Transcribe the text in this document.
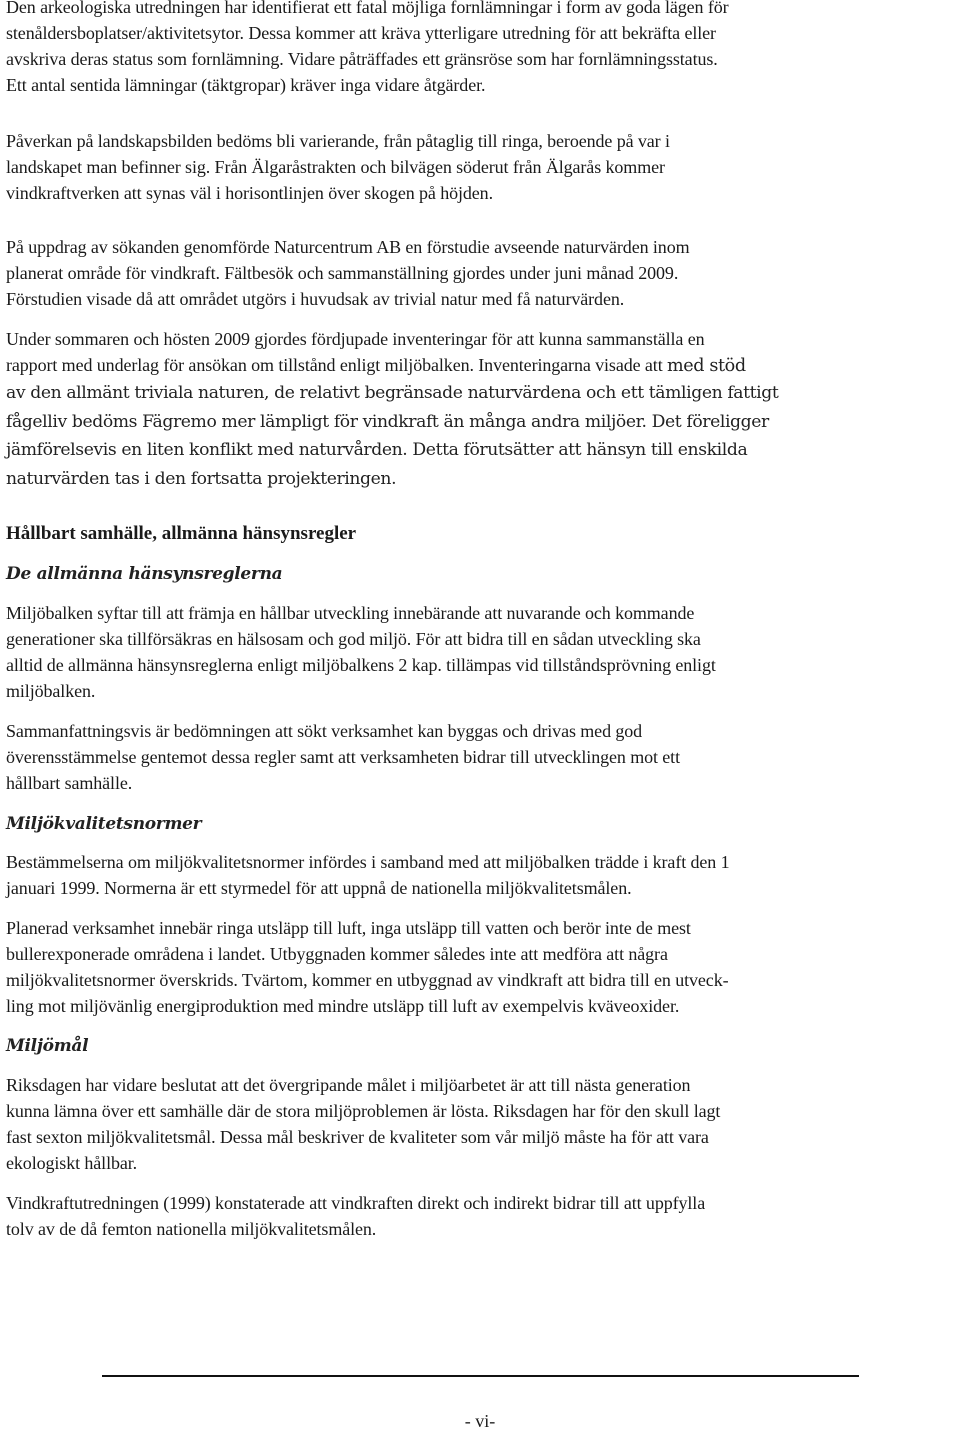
Den arkeologiska utredningen har identifierat ett fatal möjliga fornlämningar i form av goda lägen för
stenåldersboplatser/aktivitetsytor. Dessa kommer att kräva ytterligare utredning för att bekräfta eller
avskriva deras status som fornlämning. Vidare påträffades ett gränsröse som har fornlämningsstatus.
Ett antal sentida lämningar (täktgropar) kräver inga vidare åtgärder.

Påverkan på landskapsbilden bedöms bli varierande, från påtaglig till ringa, beroende på var i
landskapet man befinner sig. Från Älgaråstrakten och bilvägen söderut från Älgarås kommer
vindkraftverken att synas väl i horisontlinjen över skogen på höjden.

På uppdrag av sökanden genomförde Naturcentrum AB en förstudie avseende naturvärden inom
planerat område för vindkraft. Fältbesök och sammanställning gjordes under juni månad 2009.
Förstudien visade då att området utgörs i huvudsak av trivial natur med få naturvärden.

Under sommaren och hösten 2009 gjordes fördjupade inventeringar för att kunna sammanställa en
rapport med underlag för ansökan om tillstånd enligt miljöbalken. Inventeringarna visade att med stöd

av den allmänt triviala naturen, de relativt begränsade naturvärdena och ett tämligen fattigt
fågelliv bedöms Fägremo mer lämpligt för vindkraft än många andra miljöer. Det föreligger
jämförelsevis en liten konflikt med naturvården. Detta förutsätter att hänsyn till enskilda
naturvärden tas i den fortsatta projekteringen.

Hållbart samhälle, allmänna hänsynsregler
De allmänna hänsynsreglerna

Miljöbalken syftar till att främja en hållbar utveckling innebärande att nuvarande och kommande
generationer ska tillförsäkras en hälsosam och god miljö. För att bidra till en sådan utveckling ska
alltid de allmänna hänsynsreglerna enligt miljöbalkens 2 kap. tillämpas vid tillståndsprövning enligt
miljöbalken.

Sammanfattningsvis är bedömningen att sökt verksamhet kan byggas och drivas med god
överensstämmelse gentemot dessa regler samt att verksamheten bidrar till utvecklingen mot ett
hållbart samhälle.

Miljökvalitetsnormer

Bestämmelserna om miljökvalitetsnormer infördes i samband med att miljöbalken trädde i kraft den 1
januari 1999. Normerna är ett styrmedel för att uppnå de nationella miljökvalitetsmålen.

Planerad verksamhet innebär ringa utsläpp till luft, inga utsläpp till vatten och berör inte de mest
bullerexponerade områdena i landet. Utbyggnaden kommer således inte att medföra att några
miljökvalitetsnormer överskrids. Tvärtom, kommer en utbyggnad av vindkraft att bidra till en utveck-
ling mot miljövänlig energiproduktion med mindre utsläpp till luft av exempelvis kväveoxider.

Miljömål

Riksdagen har vidare beslutat att det övergripande målet i miljöarbetet är att till nästa generation
kunna lämna över ett samhälle där de stora miljöproblemen är lösta. Riksdagen har för den skull lagt
fast sexton miljökvalitetsmål. Dessa mål beskriver de kvaliteter som vår miljö måste ha för att vara
ekologiskt hållbar.

Vindkraftutredningen (1999) konstaterade att vindkraften direkt och indirekt bidrar till att uppfylla
tolv av de då femton nationella miljökvalitetsmålen.

- vi-
